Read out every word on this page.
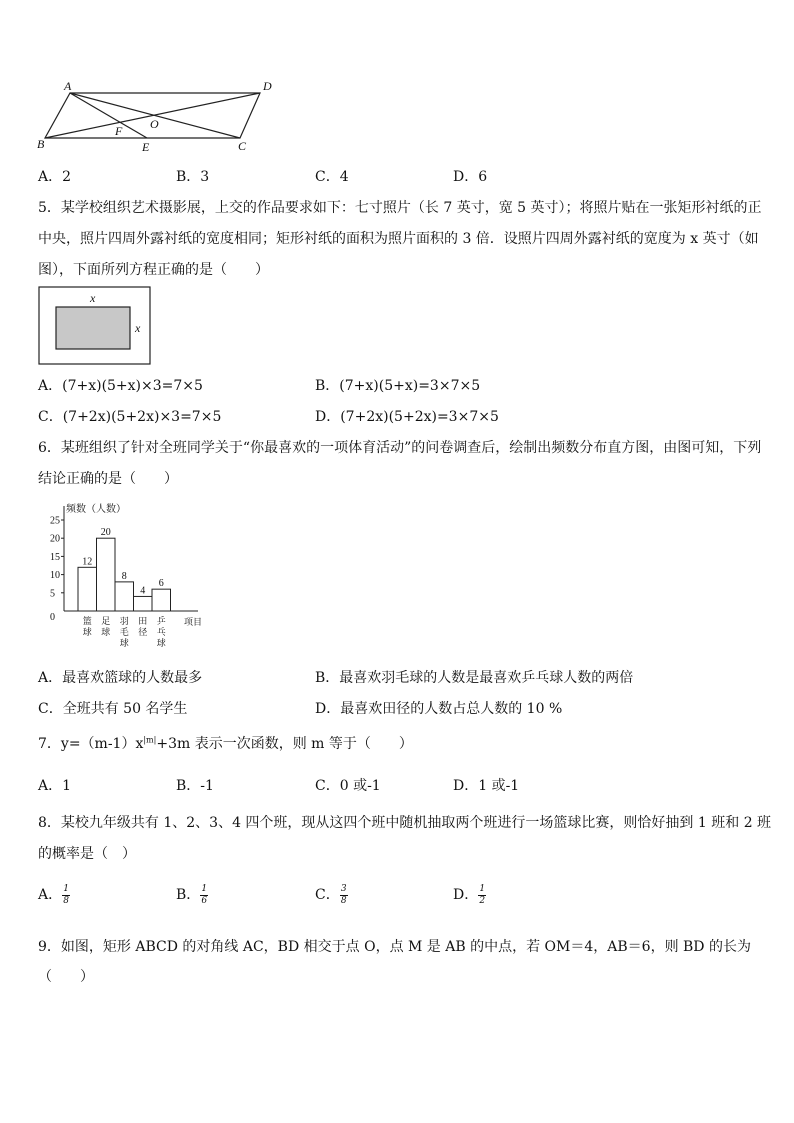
A	D
B	C
F O
E
A．2	B．3	C．4	D．6
5．某学校组织艺术摄影展，上交的作品要求如下：七寸照片（长 7 英寸，宽 5 英寸）；将照片贴在一张矩形衬纸的正
中央，照片四周外露衬纸的宽度相同；矩形衬纸的面积为照片面积的 3 倍．设照片四周外露衬纸的宽度为 x 英寸（如
图），下面所列方程正确的是（　　）
x
x
A．(7+x)(5+x)×3=7×5	B．(7+x)(5+x)=3×7×5
C．(7+2x)(5+2x)×3=7×5	D．(7+2x)(5+2x)=3×7×5
6．某班组织了针对全班同学关于“你最喜欢的一项体育活动”的问卷调查后，绘制出频数分布直方图，由图可知，下列
结论正确的是（　　）
0
5
10
15
20
25
频数（人数）
项目
12
篮
球
20
足
球
8
羽
毛
球
4
田
径
6
乒
乓
球
A．最喜欢篮球的人数最多	B．最喜欢羽毛球的人数是最喜欢乒乓球人数的两倍
C．全班共有 50 名学生	D．最喜欢田径的人数占总人数的 10 %
7．$y=(m-1)x^{|m|}+3m$ 表示一次函数，则 m 等于（　　）
A．1	B．-1	C．0 或-1	D．1 或-1
8．某校九年级共有 1、2、3、4 四个班，现从这四个班中随机抽取两个班进行一场篮球比赛，则恰好抽到 1 班和 2 班
的概率是（　）
A． $\frac{1}{8}$	B． $\frac{1}{6}$	C． $\frac{3}{8}$	D． $\frac{1}{2}$
9．如图，矩形 ABCD 的对角线 AC，BD 相交于点 O，点 M 是 AB 的中点，若 OM＝4，AB＝6，则 BD 的长为
（　　）
